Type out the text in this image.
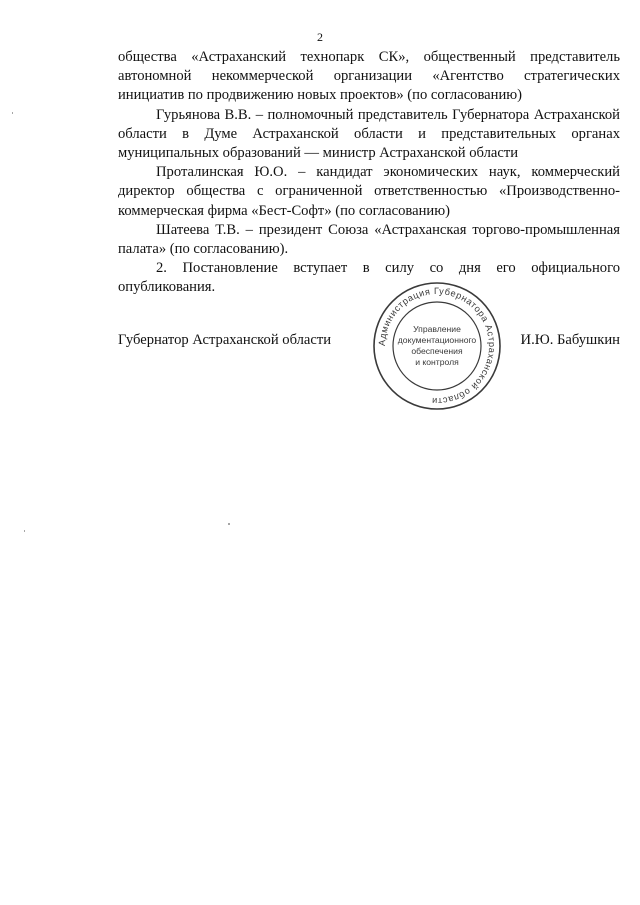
2

общества «Астраханский технопарк СК», общественный представитель автономной некоммерческой организации «Агентство стратегических инициатив по продвижению новых проектов» (по согласованию)

Гурьянова В.В. – полномочный представитель Губернатора Астраханской области в Думе Астраханской области и представительных органах муниципальных образований — министр Астраханской области

Проталинская Ю.О. – кандидат экономических наук, коммерческий директор общества с ограниченной ответственностью «Производственно-коммерческая фирма «Бест-Софт» (по согласованию)

Шатеева Т.В. – президент Союза «Астраханская торгово-промышленная палата» (по согласованию).

2. Постановление вступает в силу со дня его официального опубликования.

Губернатор Астраханской области	И.Ю. Бабушкин
Администрация Губернатора Астраханской области
Управление
документационного
обеспечения
и контроля
